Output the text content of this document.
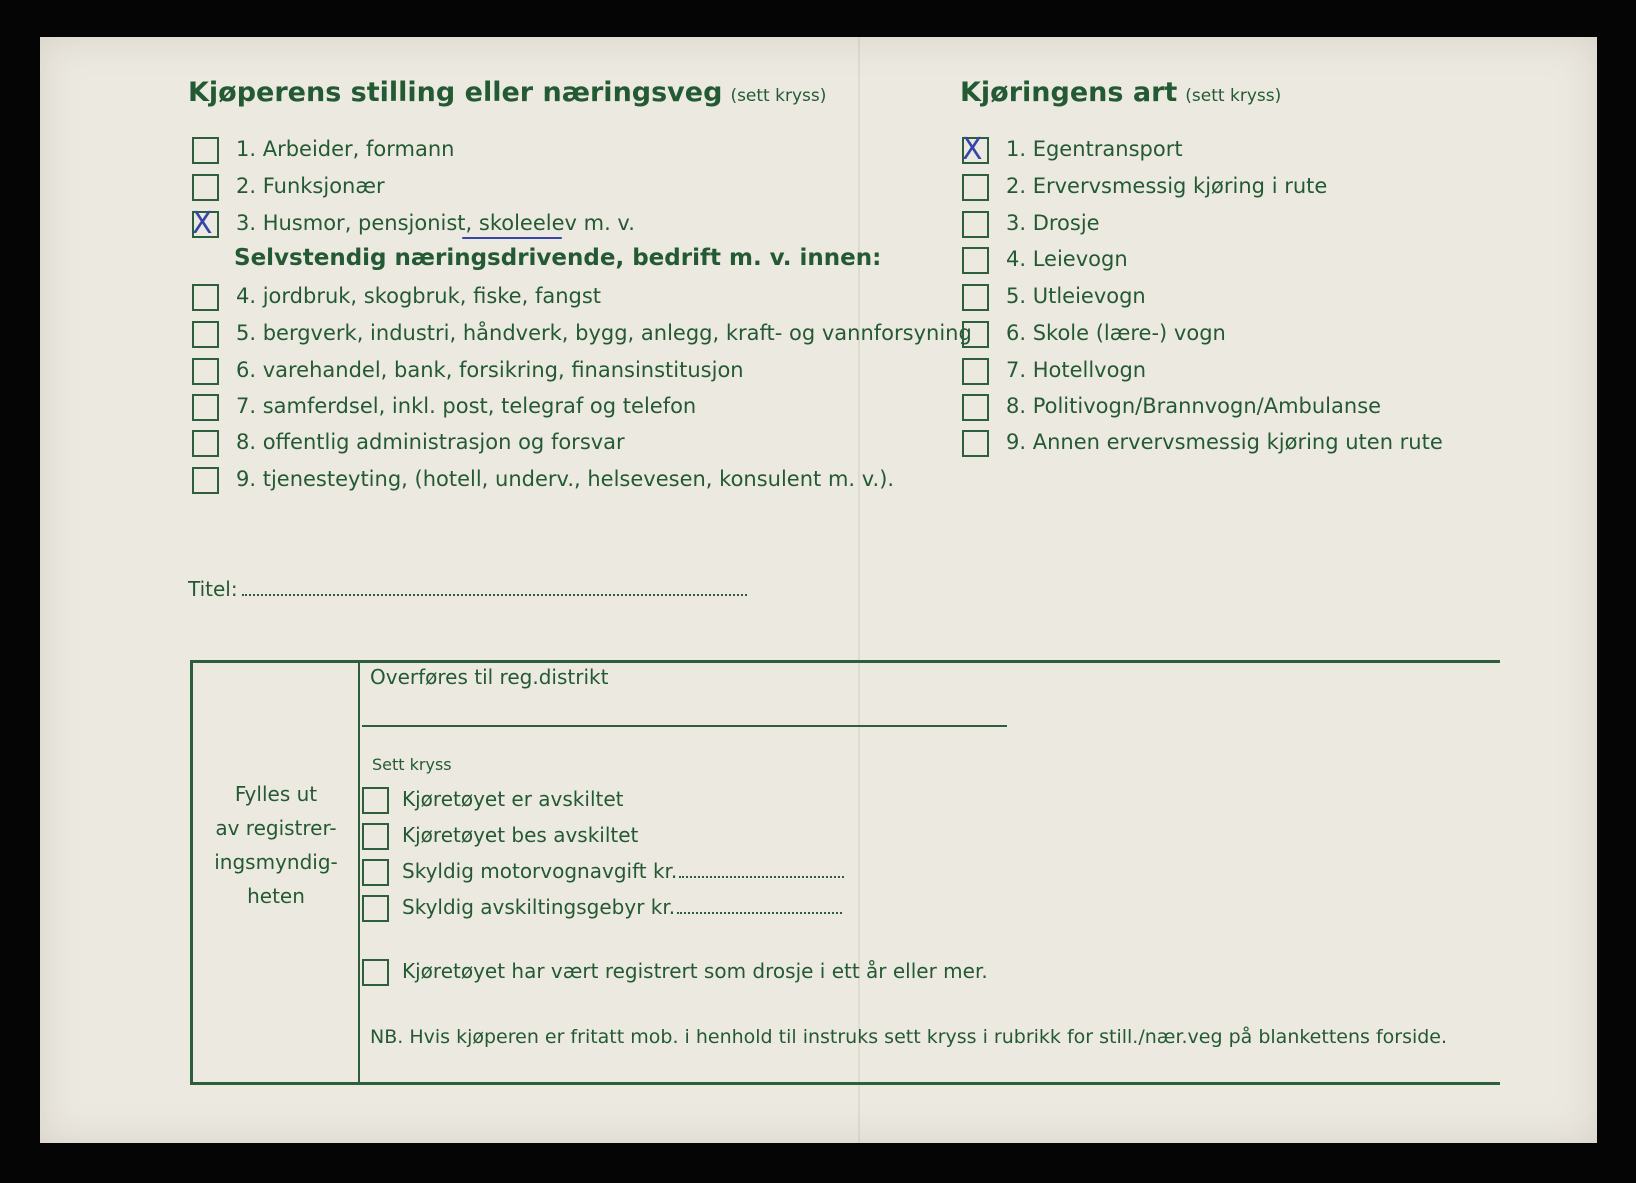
Kjøperens stilling eller næringsveg (sett kryss)
1. Arbeider, formann
2. Funksjonær
X 3. Husmor, pensjonist, skoleelev m. v.
Selvstendig næringsdrivende, bedrift m. v. innen:
4. jordbruk, skogbruk, fiske, fangst
5. bergverk, industri, håndverk, bygg, anlegg, kraft- og vannforsyning
6. varehandel, bank, forsikring, finansinstitusjon
7. samferdsel, inkl. post, telegraf og telefon
8. offentlig administrasjon og forsvar
9. tjenesteyting, (hotell, underv., helsevesen, konsulent m. v.).
Kjøringens art (sett kryss)
X 1. Egentransport
2. Ervervsmessig kjøring i rute
3. Drosje
4. Leievogn
5. Utleievogn
6. Skole (lære-) vogn
7. Hotellvogn
8. Politivogn/Brannvogn/Ambulanse
9. Annen ervervsmessig kjøring uten rute
Titel:
Fylles ut
av registrer-
ingsmyndig-
heten
Overføres til reg.distrikt
Sett kryss
Kjøretøyet er avskiltet
Kjøretøyet bes avskiltet
Skyldig motorvognavgift kr.
Skyldig avskiltingsgebyr kr.
Kjøretøyet har vært registrert som drosje i ett år eller mer.
NB. Hvis kjøperen er fritatt mob. i henhold til instruks sett kryss i rubrikk for still./nær.veg på blankettens forside.
